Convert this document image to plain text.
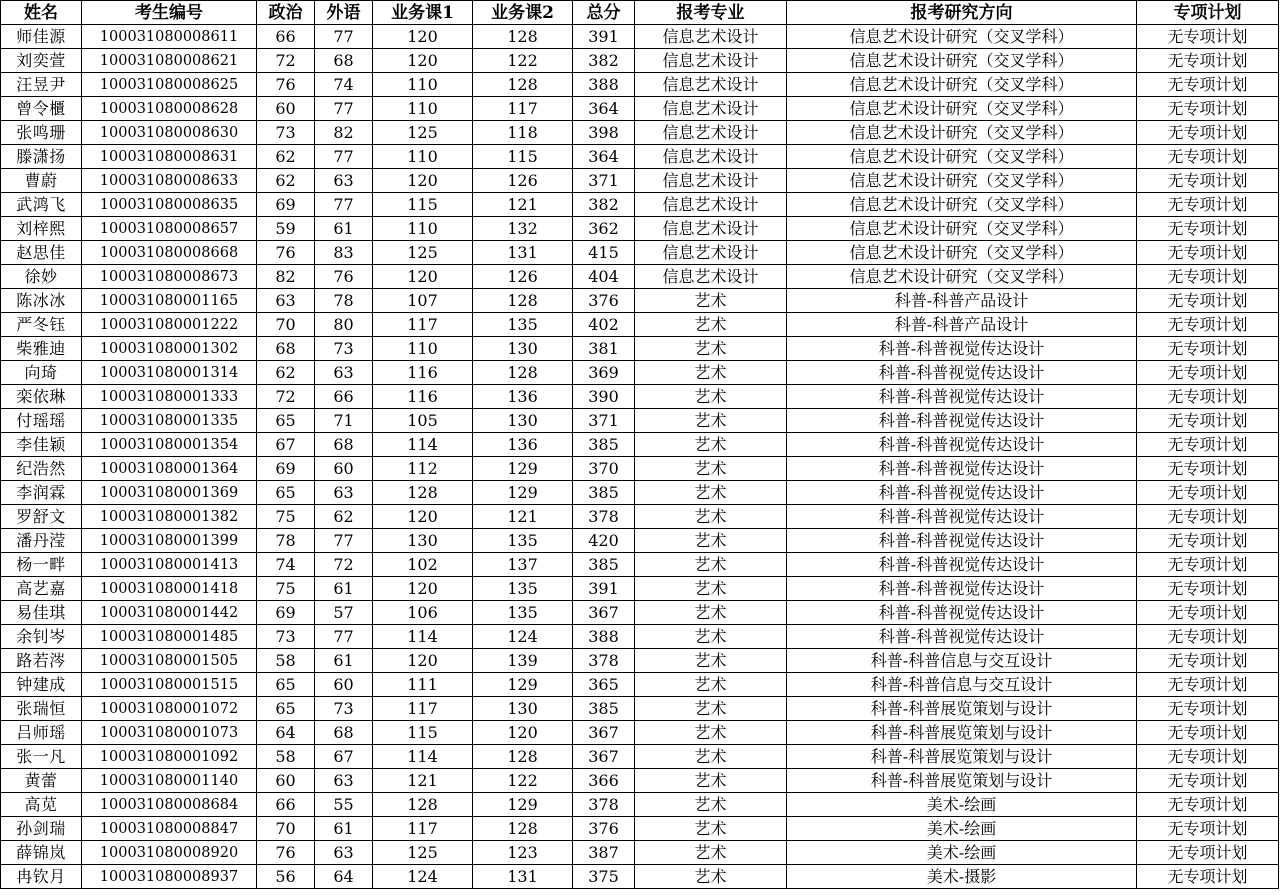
姓名	考生编号	政治	外语	业务课1	业务课2	总分	报考专业	报考研究方向	专项计划
师佳源	100031080008611	66	77	120	128	391	信息艺术设计	信息艺术设计研究（交叉学科）	无专项计划
刘奕萱	100031080008621	72	68	120	122	382	信息艺术设计	信息艺术设计研究（交叉学科）	无专项计划
汪昱尹	100031080008625	76	74	110	128	388	信息艺术设计	信息艺术设计研究（交叉学科）	无专项计划
曾令櫃	100031080008628	60	77	110	117	364	信息艺术设计	信息艺术设计研究（交叉学科）	无专项计划
张鸣珊	100031080008630	73	82	125	118	398	信息艺术设计	信息艺术设计研究（交叉学科）	无专项计划
滕潇扬	100031080008631	62	77	110	115	364	信息艺术设计	信息艺术设计研究（交叉学科）	无专项计划
曹蔚	100031080008633	62	63	120	126	371	信息艺术设计	信息艺术设计研究（交叉学科）	无专项计划
武鸿飞	100031080008635	69	77	115	121	382	信息艺术设计	信息艺术设计研究（交叉学科）	无专项计划
刘梓熙	100031080008657	59	61	110	132	362	信息艺术设计	信息艺术设计研究（交叉学科）	无专项计划
赵思佳	100031080008668	76	83	125	131	415	信息艺术设计	信息艺术设计研究（交叉学科）	无专项计划
徐妙	100031080008673	82	76	120	126	404	信息艺术设计	信息艺术设计研究（交叉学科）	无专项计划
陈冰冰	100031080001165	63	78	107	128	376	艺术	科普-科普产品设计	无专项计划
严冬钰	100031080001222	70	80	117	135	402	艺术	科普-科普产品设计	无专项计划
柴雅迪	100031080001302	68	73	110	130	381	艺术	科普-科普视觉传达设计	无专项计划
向琦	100031080001314	62	63	116	128	369	艺术	科普-科普视觉传达设计	无专项计划
栾依琳	100031080001333	72	66	116	136	390	艺术	科普-科普视觉传达设计	无专项计划
付瑶瑶	100031080001335	65	71	105	130	371	艺术	科普-科普视觉传达设计	无专项计划
李佳颖	100031080001354	67	68	114	136	385	艺术	科普-科普视觉传达设计	无专项计划
纪浩然	100031080001364	69	60	112	129	370	艺术	科普-科普视觉传达设计	无专项计划
李润霖	100031080001369	65	63	128	129	385	艺术	科普-科普视觉传达设计	无专项计划
罗舒文	100031080001382	75	62	120	121	378	艺术	科普-科普视觉传达设计	无专项计划
潘丹滢	100031080001399	78	77	130	135	420	艺术	科普-科普视觉传达设计	无专项计划
杨一畔	100031080001413	74	72	102	137	385	艺术	科普-科普视觉传达设计	无专项计划
高艺嘉	100031080001418	75	61	120	135	391	艺术	科普-科普视觉传达设计	无专项计划
易佳琪	100031080001442	69	57	106	135	367	艺术	科普-科普视觉传达设计	无专项计划
余钊岑	100031080001485	73	77	114	124	388	艺术	科普-科普视觉传达设计	无专项计划
路若涔	100031080001505	58	61	120	139	378	艺术	科普-科普信息与交互设计	无专项计划
钟建成	100031080001515	65	60	111	129	365	艺术	科普-科普信息与交互设计	无专项计划
张瑞恒	100031080001072	65	73	117	130	385	艺术	科普-科普展览策划与设计	无专项计划
吕师瑶	100031080001073	64	68	115	120	367	艺术	科普-科普展览策划与设计	无专项计划
张一凡	100031080001092	58	67	114	128	367	艺术	科普-科普展览策划与设计	无专项计划
黄蕾	100031080001140	60	63	121	122	366	艺术	科普-科普展览策划与设计	无专项计划
高苋	100031080008684	66	55	128	129	378	艺术	美术-绘画	无专项计划
孙剑瑞	100031080008847	70	61	117	128	376	艺术	美术-绘画	无专项计划
薛锦岚	100031080008920	76	63	125	123	387	艺术	美术-绘画	无专项计划
冉钦月	100031080008937	56	64	124	131	375	艺术	美术-摄影	无专项计划
